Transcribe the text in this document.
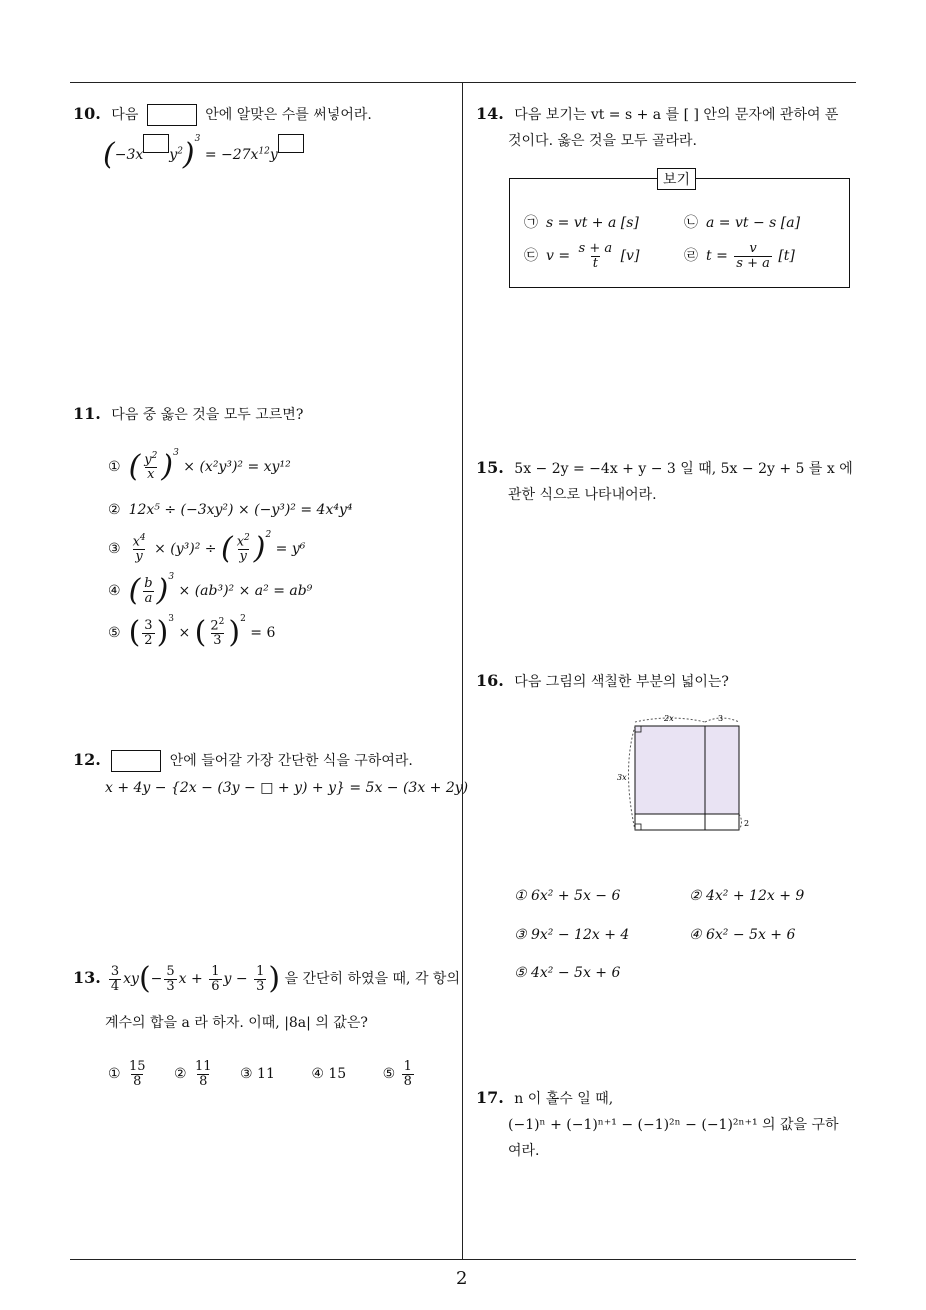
2
10. 다음	안에 알맞은 수를 써넣어라.
(−3x $y^2)^3 = -27x^{12}y$
11. 다음 중 옳은 것을 모두 고르면?
① ( $\frac{y^2}{x} )^3 \times (x^2y^3)^2 = xy^{12}$
② 12x⁵ ÷ (−3xy²) × (−y³)² = 4x⁴y⁴
③ $\frac{x^4}{y} \times (y^3)^2$ ÷ ( $\frac{x^2}{y} )^2 = y^6$
④ ( $\frac{b}{a} )^3 \times (ab^3)^2 \times a^2 = ab^9$
⑤ ( $\frac{3}{2} )^3$ × ( $\frac{2^2}{3} )^2 = 6$
12.	안에 들어갈 가장 간단한 식을 구하여라.
x + 4y − {2x − (3y − □ + y) + y} = 5x − (3x + 2y)
13. $\frac{3}{4} xy(- \frac{5}{3}$ $x + \frac{1}{6}$ $y - \frac{1}{3}$ ) 을 간단히 하였을 때, 각 항의
계수의 합을 a 라 하자. 이때, |8a| 의 값은?
① $\frac{15}{8}$ ② $\frac{11}{8}$ ③ 11	④ 15	⑤ $\frac{1}{8}$
14. 다음 보기는 vt = s + a 를 [ ] 안의 문자에 관하여 푼
것이다. 옳은 것을 모두 골라라.
보기
㉠ s = vt + a [s]	㉡ a = vt − s [a]
㉢ $v = \frac{s + a}{t} [v]$	㉣ $t = \frac{v}{s + a} [t]$
15. 5x − 2y = −4x + y − 3 일 때, 5x − 2y + 5 를 x 에
관한 식으로 나타내어라.
16. 다음 그림의 색칠한 부분의 넓이는?
2x	3
3x
2
① 6x² + 5x − 6	② 4x² + 12x + 9
③ 9x² − 12x + 4	④ 6x² − 5x + 6
⑤ 4x² − 5x + 6
17. n 이 홀수 일 때,
(−1)ⁿ + (−1)ⁿ⁺¹ − (−1)²ⁿ − (−1)²ⁿ⁺¹ 의 값을 구하
여라.
